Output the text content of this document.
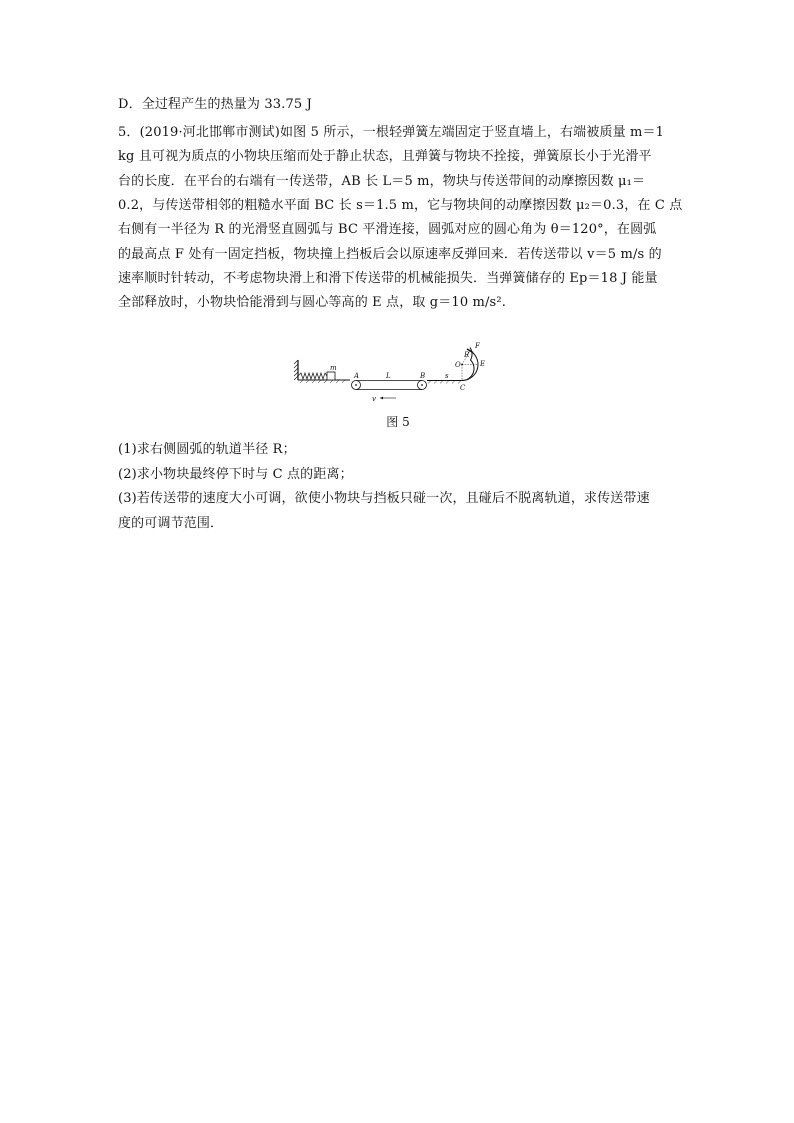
D．全过程产生的热量为 33.75 J
5．(2019·河北邯郸市测试)如图 5 所示，一根轻弹簧左端固定于竖直墙上，右端被质量 m＝1
kg 且可视为质点的小物块压缩而处于静止状态，且弹簧与物块不拴接，弹簧原长小于光滑平
台的长度．在平台的右端有一传送带，AB 长 L＝5 m，物块与传送带间的动摩擦因数 μ₁＝
0.2，与传送带相邻的粗糙水平面 BC 长 s＝1.5 m，它与物块间的动摩擦因数 μ₂＝0.3，在 C 点
右侧有一半径为 R 的光滑竖直圆弧与 BC 平滑连接，圆弧对应的圆心角为 θ＝120°，在圆弧
的最高点 F 处有一固定挡板，物块撞上挡板后会以原速率反弹回来．若传送带以 v＝5 m/s 的
速率顺时针转动，不考虑物块滑上和滑下传送带的机械能损失．当弹簧储存的 Ep＝18 J 能量
全部释放时，小物块恰能滑到与圆心等高的 E 点，取 g＝10 m/s².
m
A	L	B
v
s
C
O
R
E
F
图 5
(1)求右侧圆弧的轨道半径 R；
(2)求小物块最终停下时与 C 点的距离；
(3)若传送带的速度大小可调，欲使小物块与挡板只碰一次，且碰后不脱离轨道，求传送带速
度的可调节范围．
